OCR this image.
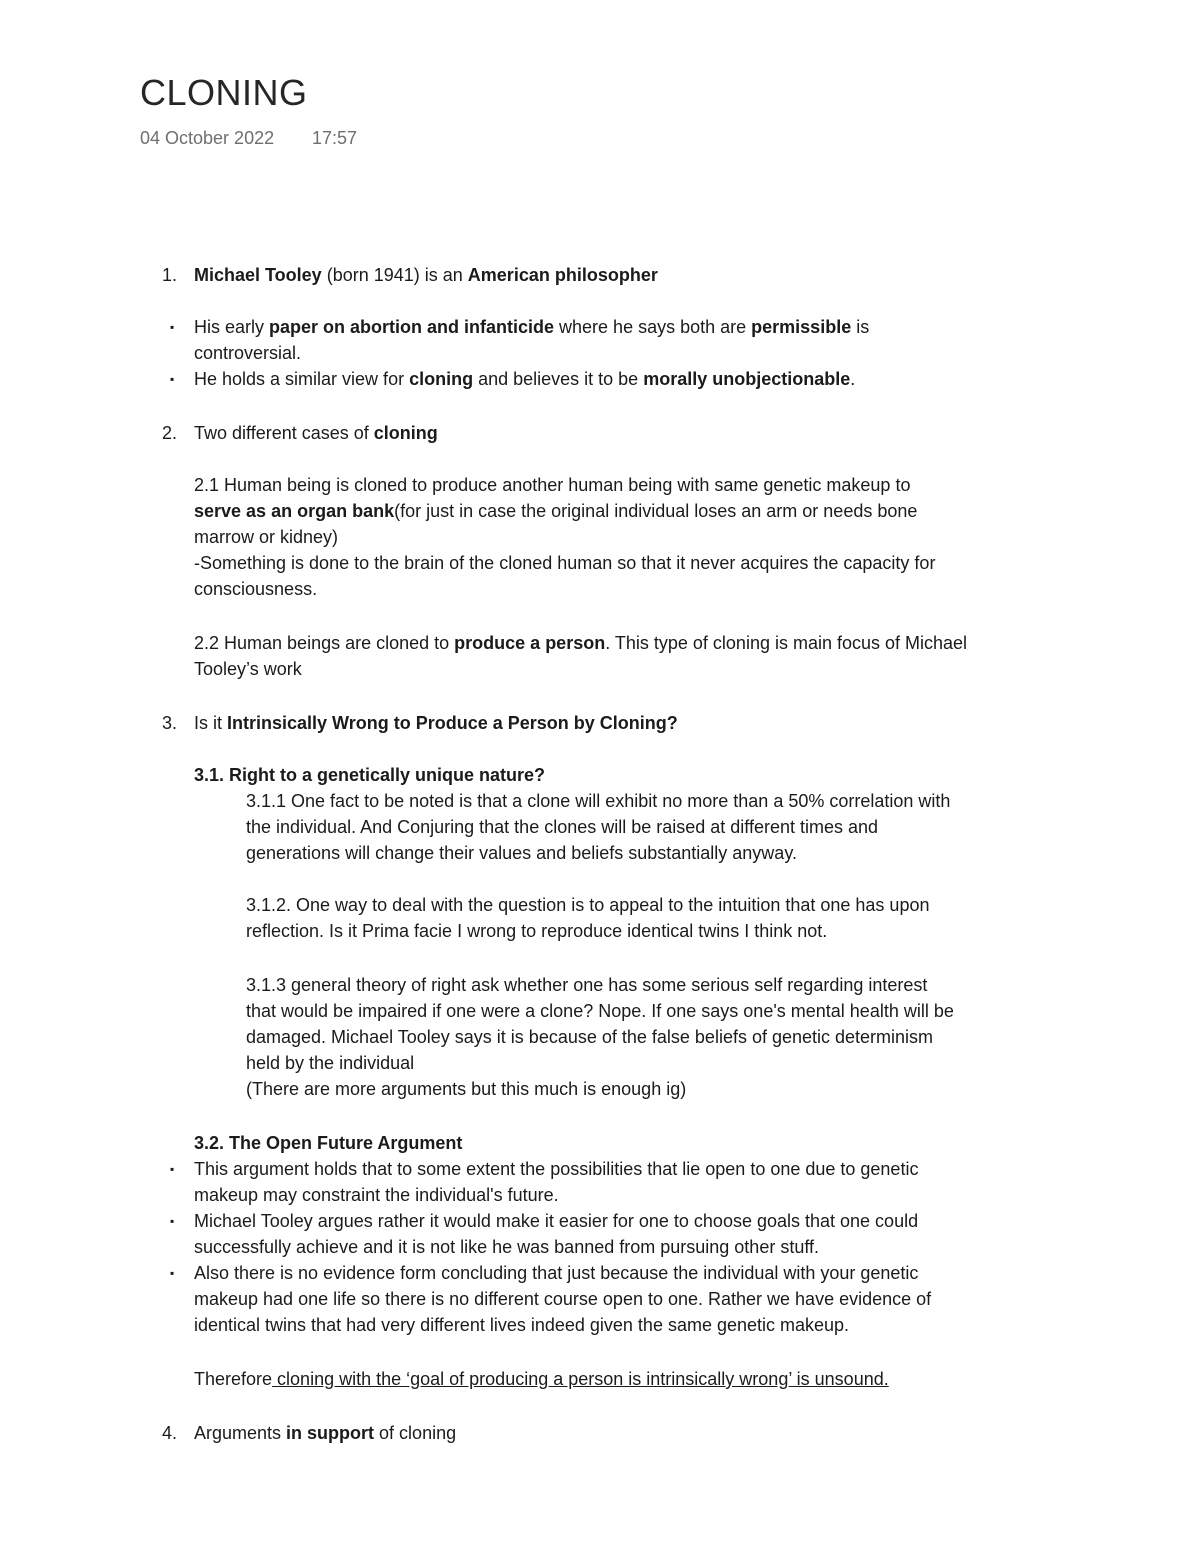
CLONING
04 October 2022 17:57
1. Michael Tooley (born 1941) is an American philosopher
▪ His early paper on abortion and infanticide where he says both are permissible is
controversial.
▪ He holds a similar view for cloning and believes it to be morally unobjectionable.
2. Two different cases of cloning
2.1 Human being is cloned to produce another human being with same genetic makeup to
serve as an organ bank(for just in case the original individual loses an arm or needs bone
marrow or kidney)
-Something is done to the brain of the cloned human so that it never acquires the capacity for
consciousness.
2.2 Human beings are cloned to produce a person. This type of cloning is main focus of Michael
Tooley’s work
3. Is it Intrinsically Wrong to Produce a Person by Cloning?
3.1. Right to a genetically unique nature?
3.1.1 One fact to be noted is that a clone will exhibit no more than a 50% correlation with
the individual. And Conjuring that the clones will be raised at different times and
generations will change their values and beliefs substantially anyway.
3.1.2. One way to deal with the question is to appeal to the intuition that one has upon
reflection. Is it Prima facie I wrong to reproduce identical twins I think not.
3.1.3 general theory of right ask whether one has some serious self regarding interest
that would be impaired if one were a clone? Nope. If one says one's mental health will be
damaged. Michael Tooley says it is because of the false beliefs of genetic determinism
held by the individual
(There are more arguments but this much is enough ig)
3.2. The Open Future Argument
▪ This argument holds that to some extent the possibilities that lie open to one due to genetic
makeup may constraint the individual's future.
▪ Michael Tooley argues rather it would make it easier for one to choose goals that one could
successfully achieve and it is not like he was banned from pursuing other stuff.
▪ Also there is no evidence form concluding that just because the individual with your genetic
makeup had one life so there is no different course open to one. Rather we have evidence of
identical twins that had very different lives indeed given the same genetic makeup.
Therefore cloning with the ‘goal of producing a person is intrinsically wrong’ is unsound.
4. Arguments in support of cloning
